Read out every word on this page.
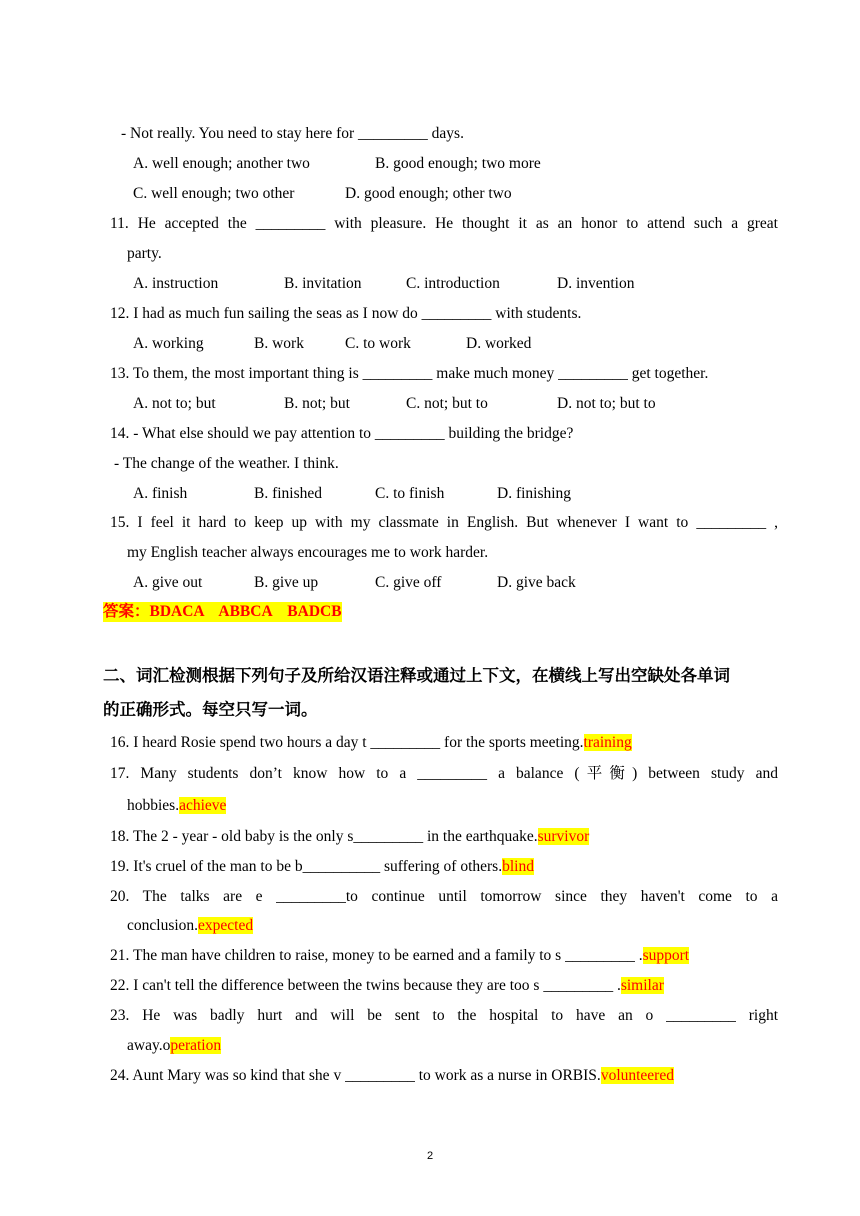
- Not really. You need to stay here for _________ days.
A. well enough; another two	B. good enough; two more
C. well enough; two other	D. good enough; other two
11. He accepted the _________ with pleasure. He thought it as an honor to attend such a great
party.
A. instruction	B. invitation	C. introduction	D. invention
12. I had as much fun sailing the seas as I now do _________ with students.
A. working	B. work	C. to work	D. worked
13. To them, the most important thing is _________ make much money _________ get together.
A. not to; but	B. not; but	C. not; but to	D. not to; but to
14. - What else should we pay attention to _________ building the bridge?
- The change of the weather. I think.
A. finish	B. finished	C. to finish	D. finishing
15. I feel it hard to keep up with my classmate in English. But whenever I want to _________ ,
my English teacher always encourages me to work harder.
A. give out	B. give up	C. give off	D. give back
答案：BDACA    ABBCA    BADCB
二、词汇检测根据下列句子及所给汉语注释或通过上下文，在横线上写出空缺处各单词
的正确形式。每空只写一词。
16. I heard Rosie spend two hours a day t _________ for the sports meeting.training
17. Many students don’t know how to a _________ a balance (平衡) between study and
hobbies.achieve
18. The 2 - year - old baby is the only s_________ in the earthquake.survivor
19. It's cruel of the man to be b__________ suffering of others.blind
20. The talks are e _________to continue until tomorrow since they haven't come to a
conclusion.expected
21. The man have children to raise, money to be earned and a family to s _________ .support
22. I can't tell the difference between the twins because they are too s _________ .similar
23. He was badly hurt and will be sent to the hospital to have an o _________ right
away.operation
24. Aunt Mary was so kind that she v _________ to work as a nurse in ORBIS.volunteered
2
